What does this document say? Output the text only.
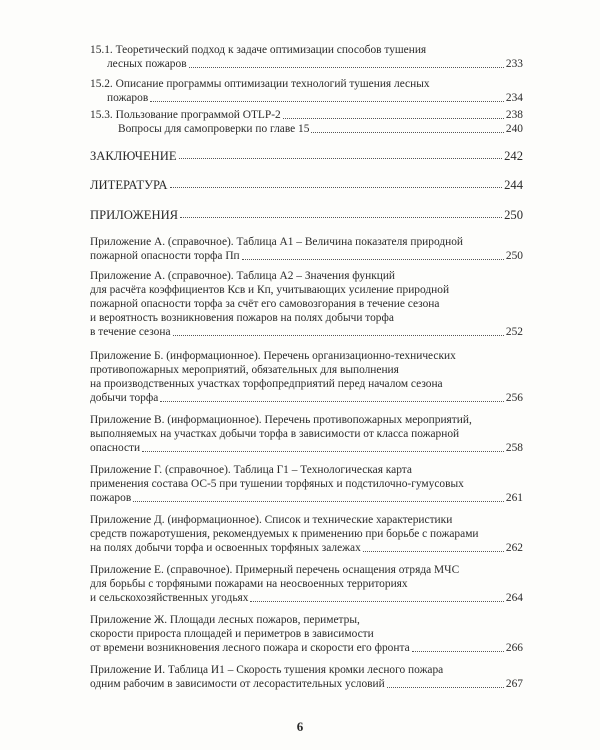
15.1. Теоретический подход к задаче оптимизации способов тушения
лесных пожаров	233
15.2. Описание программы оптимизации технологий тушения лесных
пожаров	234
15.3. Пользование программой OTLP-2	238
Вопросы для самопроверки по главе 15	240
ЗАКЛЮЧЕНИЕ	242
ЛИТЕРАТУРА	244
ПРИЛОЖЕНИЯ	250
Приложение А. (справочное). Таблица А1 – Величина показателя природной
пожарной опасности торфа Пп	250
Приложение А. (справочное). Таблица А2 – Значения функций
для расчёта коэффициентов Ксв и Кп, учитывающих усиление природной
пожарной опасности торфа за счёт его самовозгорания в течение сезона
и вероятность возникновения пожаров на полях добычи торфа
в течение сезона	252
Приложение Б. (информационное). Перечень организационно-технических
противопожарных мероприятий, обязательных для выполнения
на производственных участках торфопредприятий перед началом сезона
добычи торфа	256
Приложение В. (информационное). Перечень противопожарных мероприятий,
выполняемых на участках добычи торфа в зависимости от класса пожарной
опасности	258
Приложение Г. (справочное). Таблица Г1 – Технологическая карта
применения состава ОС-5 при тушении торфяных и подстилочно-гумусовых
пожаров	261
Приложение Д. (информационное). Список и технические характеристики
средств пожаротушения, рекомендуемых к применению при борьбе с пожарами
на полях добычи торфа и освоенных торфяных залежах	262
Приложение Е. (справочное). Примерный перечень оснащения отряда МЧС
для борьбы с торфяными пожарами на неосвоенных территориях
и сельскохозяйственных угодьях	264
Приложение Ж. Площади лесных пожаров, периметры,
скорости прироста площадей и периметров в зависимости
от времени возникновения лесного пожара и скорости его фронта	266
Приложение И. Таблица И1 – Скорость тушения кромки лесного пожара
одним рабочим в зависимости от лесорастительных условий	267
6
